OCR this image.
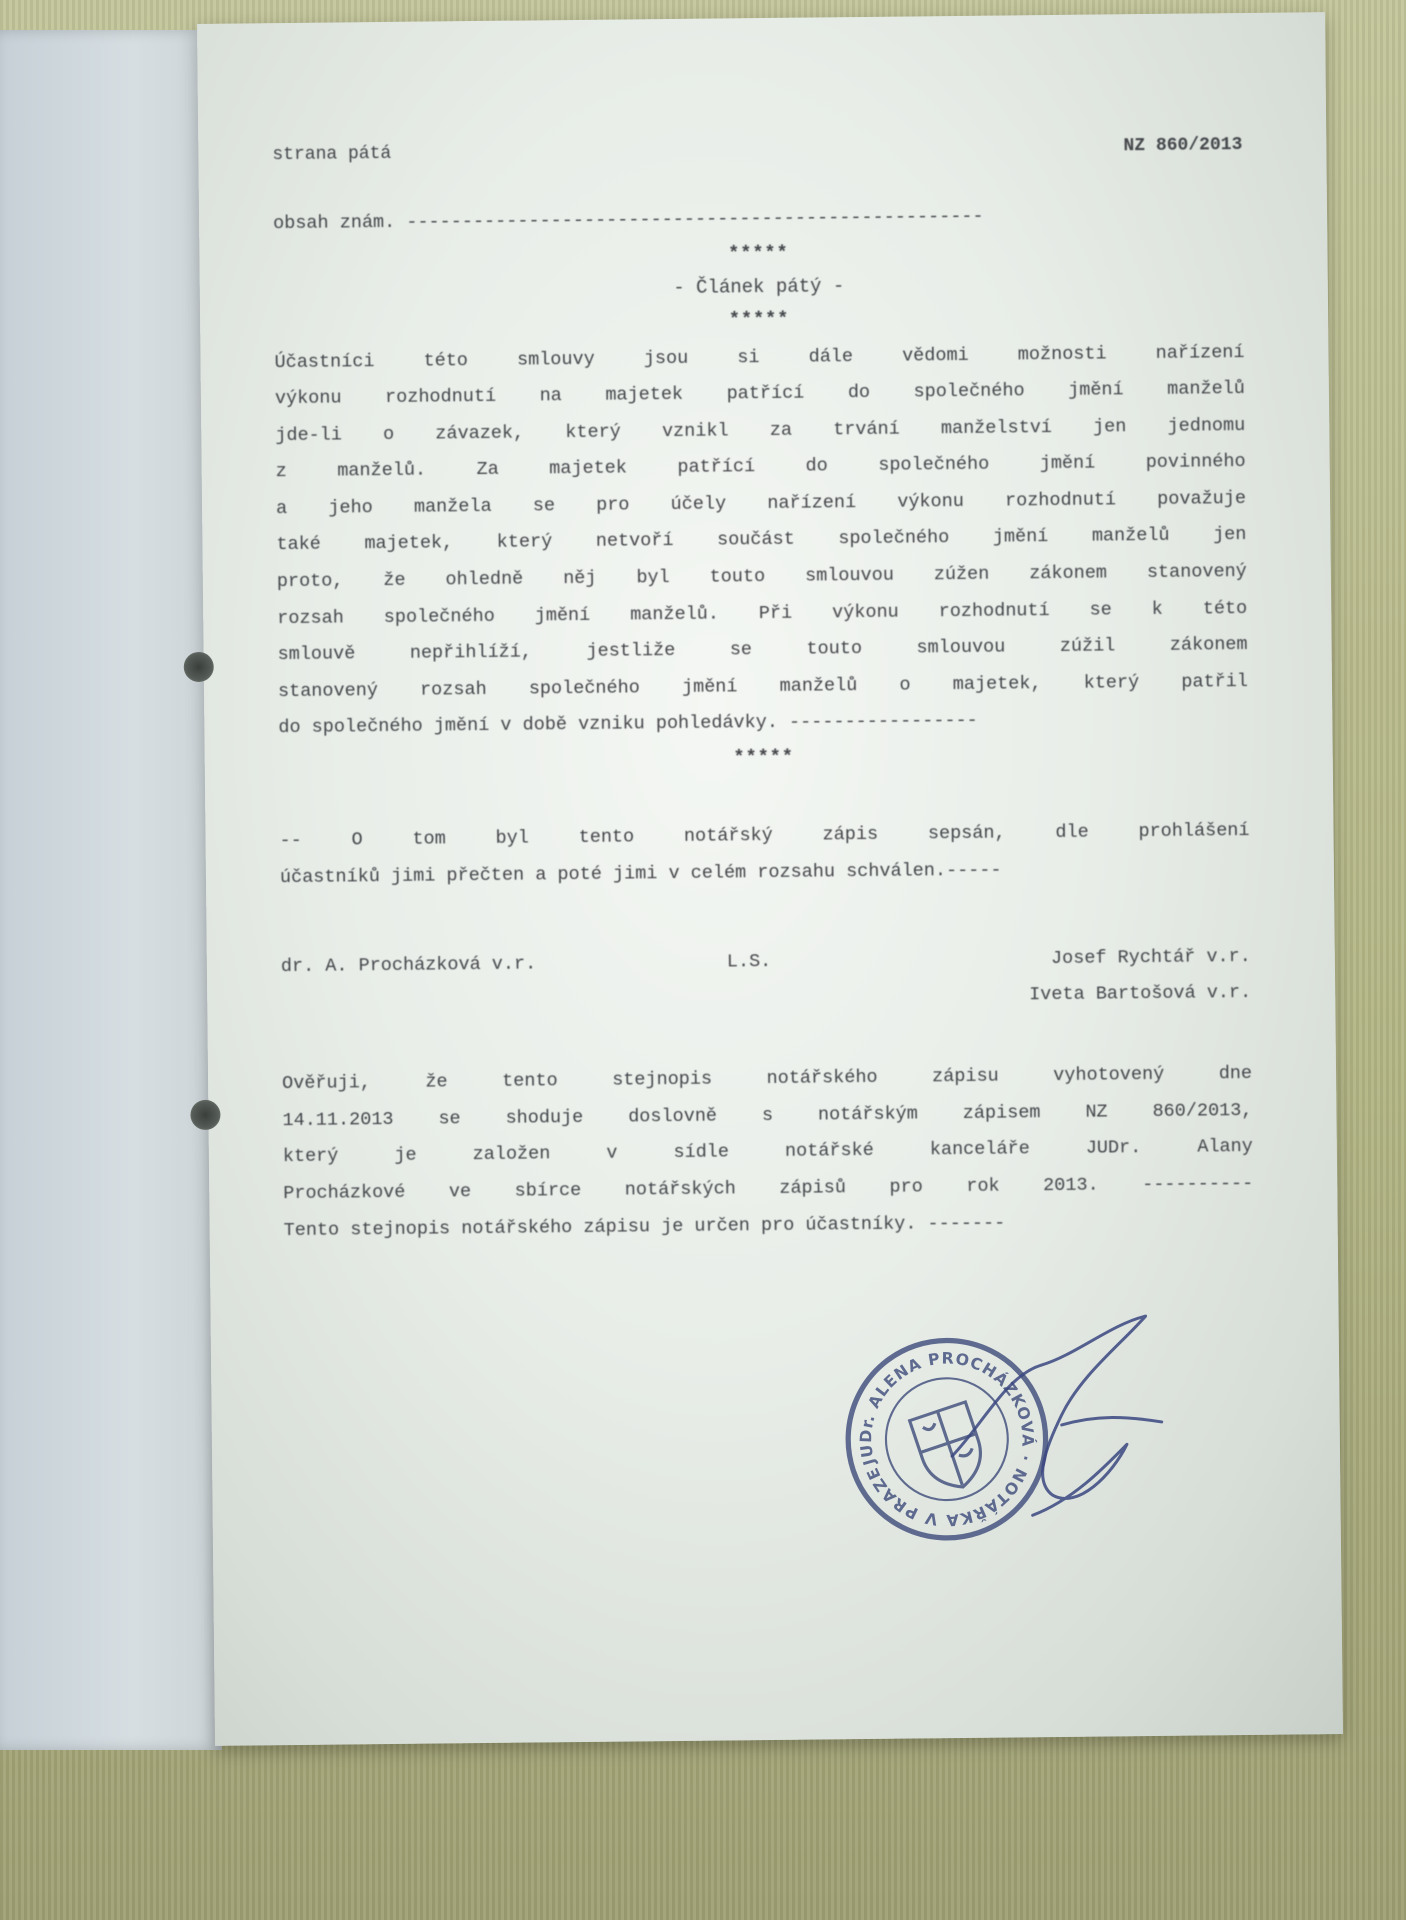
strana pátá	NZ 860/2013
obsah znám. ----------------------------------------------------
*****
- Článek pátý -
*****
Účastníci této smlouvy jsou si dále vědomi možnosti nařízení
výkonu rozhodnutí na majetek patřící do společného jmění manželů
jde-li o závazek, který vznikl za trvání manželství jen jednomu
z manželů. Za majetek patřící do společného jmění povinného
a jeho manžela se pro účely nařízení výkonu rozhodnutí považuje
také majetek, který netvoří součást společného jmění manželů jen
proto, že ohledně něj byl touto smlouvou zúžen zákonem stanovený
rozsah společného jmění manželů. Při výkonu rozhodnutí se k této
smlouvě nepřihlíží, jestliže se touto smlouvou zúžil zákonem
stanovený rozsah společného jmění manželů o majetek, který patřil
do společného jmění v době vzniku pohledávky. -----------------
*****
-- O tom byl tento notářský zápis sepsán, dle prohlášení
účastníků jimi přečten a poté jimi v celém rozsahu schválen.-----
dr. A. Procházková v.r.	L.S.	Josef Rychtář v.r.
Iveta Bartošová v.r.
Ověřuji, že tento stejnopis notářského zápisu vyhotovený dne
14.11.2013 se shoduje doslovně s notářským zápisem NZ 860/2013,
který je založen v sídle notářské kanceláře JUDr. Alany
Procházkové ve sbírce notářských zápisů pro rok 2013. ----------
Tento stejnopis notářského zápisu je určen pro účastníky. -------
JUDr. ALENA PROCHÁZKOVÁ · NOTÁŘKA V PRAZE
